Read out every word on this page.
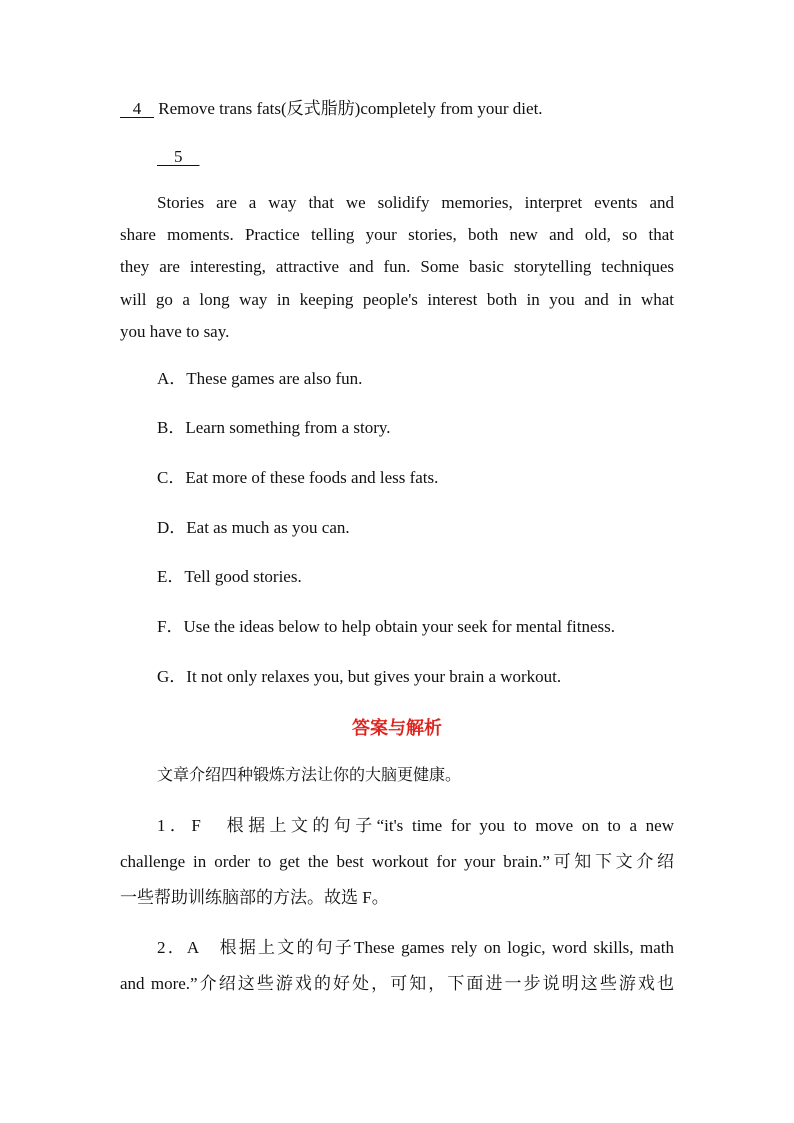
4 Remove trans fats(反式脂肪)completely from your diet.
5
Stories are a way that we solidify memories, interpret events and
share moments. Practice telling your stories, both new and old, so that
they are interesting, attractive and fun. Some basic storytelling techniques
will go a long way in keeping people's interest both in you and in what
you have to say.
A．These games are also fun.
B．Learn something from a story.
C．Eat more of these foods and less fats.
D．Eat as much as you can.
E．Tell good stories.
F．Use the ideas below to help obtain your seek for mental fitness.
G．It not only relaxes you, but gives your brain a workout.
答案与解析
文章介绍四种锻炼方法让你的大脑更健康。
1．F　根据上文的句子“it's time for you to move on to a new
challenge in order to get the best workout for your brain.”可知下文介绍
一些帮助训练脑部的方法。故选 F。
2．A　根据上文的句子These games rely on logic, word skills, math
and more.”介绍这些游戏的好处，可知，下面进一步说明这些游戏也
